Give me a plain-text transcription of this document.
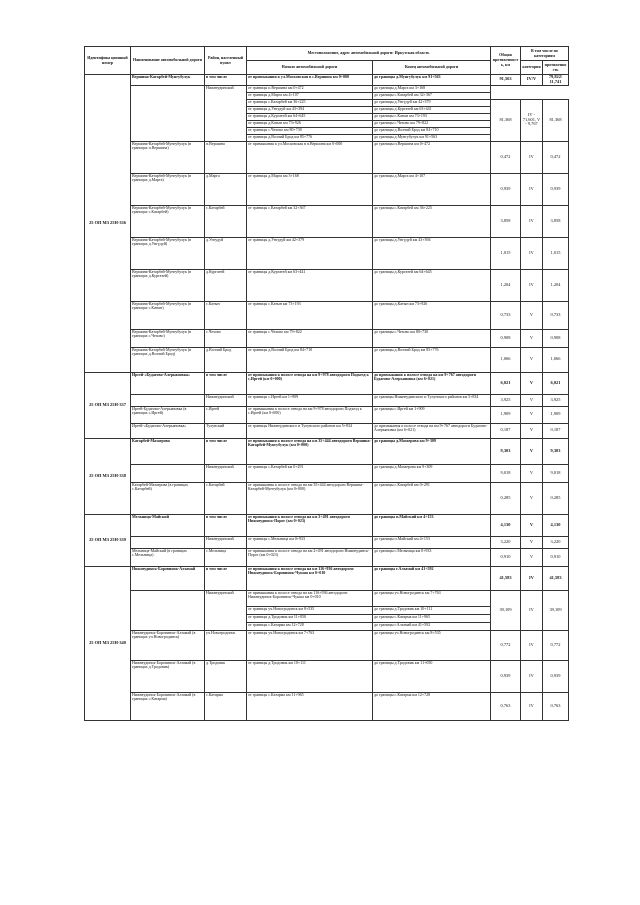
Идентифика ционный номер	Наименование автомобильной дороги	Район, населенный пункт	Местоположение, адрес автомобильной дороги: Иркутская область		Общая протяженность, км	В том числе по категориям	
			Начало автомобильной дороги	Конец автомобильной дороги		категория	протяженность
25 ОП МЗ 25Н-336	Вершина-Катарбей-Мунгубулук	в том числе	от примыкания к ул.Московская в с.Вершина км 0+000	до границы д.Мунгубулук км 91+563	91,563	IV/V	79,822/ 11,741
		Нижнеудинский	от границы п.Вершина км 0+472	до границы д.Марга км 3+168			
			от границы д.Марга км 4+107	до границы с.Катарбей км 32+367			
			от границы с.Катарбей км 36+225	до границы д.Унгудуй км 42+379	81,368	IV - 71,601, V - 9,767	81,368
			от границы д.Унгудуй км 43+394	до границы д.Кургатей км 63+441			
			от границы д.Кургатей км 64+645	до границы с.Катын км 73+193			
			от границы д.Катын км 73+926	до границы с.Чехово км 79+822			
			от границы с.Чехово км 80+730	до границы д.Волчий Брод км 84+710			
			от границы д.Волчий Брод км 85+776	до границы д.Мунгубулук км 91+563			
	Вершина-Катарбей-Мунгубулук (в границах п.Вершина)	п.Вершина	от примыкания к ул.Московская в п.Вершина км 0+000	до границы п.Вершина км 0+472	0,472	IV	0,472
	Вершина-Катарбей-Мунгубулук (в границах д.Марга)	д.Марга	от границы д.Марга км 3+168	до границы д.Марга км 4+107	0,939	IV	0,939
	Вершина-Катарбей-Мунгубулук (в границах с.Катарбей)	с.Катарбей	от границы с.Катарбей км 32+367	до границы с.Катарбей км 36+225	3,858	IV	3,858
	Вершина-Катарбей-Мунгубулук (в границах д.Унгудуй)	д.Унгудуй	от границы д.Унгудуй км 42+379	до границы д.Унгудуй км 43+394	1,015	IV	1,015
	Вершина-Катарбей-Мунгубулук (в границах д.Кургатей)	д.Кургатей	от границы д.Кургатей км 63+441	до границы д.Кургатей км 64+645	1,204	IV	1,204
	Вершина-Катарбей-Мунгубулук (в границах с.Катын)	с.Катын	от границы с.Катын км 73+193	до границы д.Катын км 73+926	0,733	V	0,733
	Вершина-Катарбей-Мунгубулук (в границах с.Чехово)	с.Чехово	от границы с.Чехово км 79+822	до границы с.Чехово км 80+730	0,908	V	0,908
	Вершина-Катарбей-Мунгубулук (в границах д.Волчий Брод)	д.Волчий Брод	от границы д.Волчий Брод км 84+710	до границы д.Волчий Брод км 85+776	1,066	V	1,066
25 ОП МЗ 25Н-337	Иргей-«Будагово-Алерьяновка»	в том числе	от примыкания к полосе отвода на км 9+978 автодороги Подъезд к с.Иргей (км 0+000)	до примыкания к полосе отвода на км 9+767 автодороги Будагово-Алерьяновка (км 6+021)	6,021	V	6,021
		Нижнеудинский	от границы с.Иргей км 1+909	до границы Нижнеудинского и Тулунского районов км 5+834	3,925	V	3,925
	Иргей-Будагово-Алерьяновка (в границах с.Иргей)	с.Иргей	от примыкания к полосе отвода на км 9+978 автодороги Подъезд к с.Иргей (км 0+000)	до границы с.Иргей км 1+909	1,909	V	1,909
	Иргей-«Будагово-Алерьяновка»	Тулунский	от границы Нижнеудинского и Тулунского районов км 5+834	до примыкания к полосе отвода на км 9+767 автодороги Будагово-Алерьяновка (км 6+021)	0,187	V	0,187
25 ОП МЗ 25Н-338	Катарбей-Мазаерова	в том числе	от примыкания к полосе отвода на км 35+444 автодороги Вершина-Катарбей-Мунгубулук (км 0+000)	до границы д.Мазаерова км 9+309	9,303	V	9,303
		Нижнеудинский	от границы с.Катарбей км 0+291	до границы д.Мазаерова км 9+309	9,018	V	9,018
	Катарбей-Мазаерова (в границах с.Катарбей)	с.Катарбей	от примыкания к полосе отвода на км 35+444 автодороги Вершина-Катарбей-Мунгубулук (км 0+000)	до границы с.Катарбей км 0+291	0,285	V	0,285
25 ОП МЗ 25Н-339	Мельница-Майский	в том числе	от примыкания к полосе отвода на км 2+491 автодороги Нижнеудинск-Порог (км 0+023)	до границы п.Майский км 4+153	4,130	V	4,130
		Нижнеудинский	от границы с.Мельница км 0+933	до границы п.Майский км 4+153	3,220	V	3,220
	Мельница-Майский (в границах с.Мельница)	с.Мельница	от примыкания к полосе отвода на км 2+491 автодороги Нижнеудинск-Порог (км 0+023)	до границы с.Мельница км 0+933	0,910	V	0,910
25 ОП МЗ 25Н-340	Нижнеудинск-Боровинок-Алзамай	в том числе	от примыкания к полосе отвода на км 116+936 автодороги Нижнеудинск-Боровинок-Чукша км 0+010	до границы г.Алзамай км 41+592	41,583	IV	41,583
		Нижнеудинский	от примыкания к полосе отвода на км 116+936 автодороги Нижнеудинск-Боровинок-Чукша км 0+010	до границы уч.Новогродинск км 7+763	39,109	IV	39,109
			от границы уч.Новогродинск км 8+535	до границы д.Тродовик км 10+111			
			от границы д.Тродовик км 11+050	до границы с.Катарма км 11+965			
			от границы с.Катарма км 12+728	до границы г.Алзамай км 41+592			
	Нижнеудинск-Боровинок-Алзамай (в границах уч.Новогродинск)	уч.Новогродинск	от границы уч.Новогродинск км 7+763	до границы уч.Новогродинск км 8+535	0,772	IV	0,772
	Нижнеудинск-Боровинок-Алзамай (в границах д.Тродовик)	д.Тродовик	от границы д.Тродовик км 10+111	до границы д.Тродовик км 11+050	0,939	IV	0,939
	Нижнеудинск-Боровинок-Алзамай (в границах с.Катарма)	с.Катарма	от границы с.Катарма км 11+965	до границы с.Катарма км 12+728	0,763	IV	0,763
